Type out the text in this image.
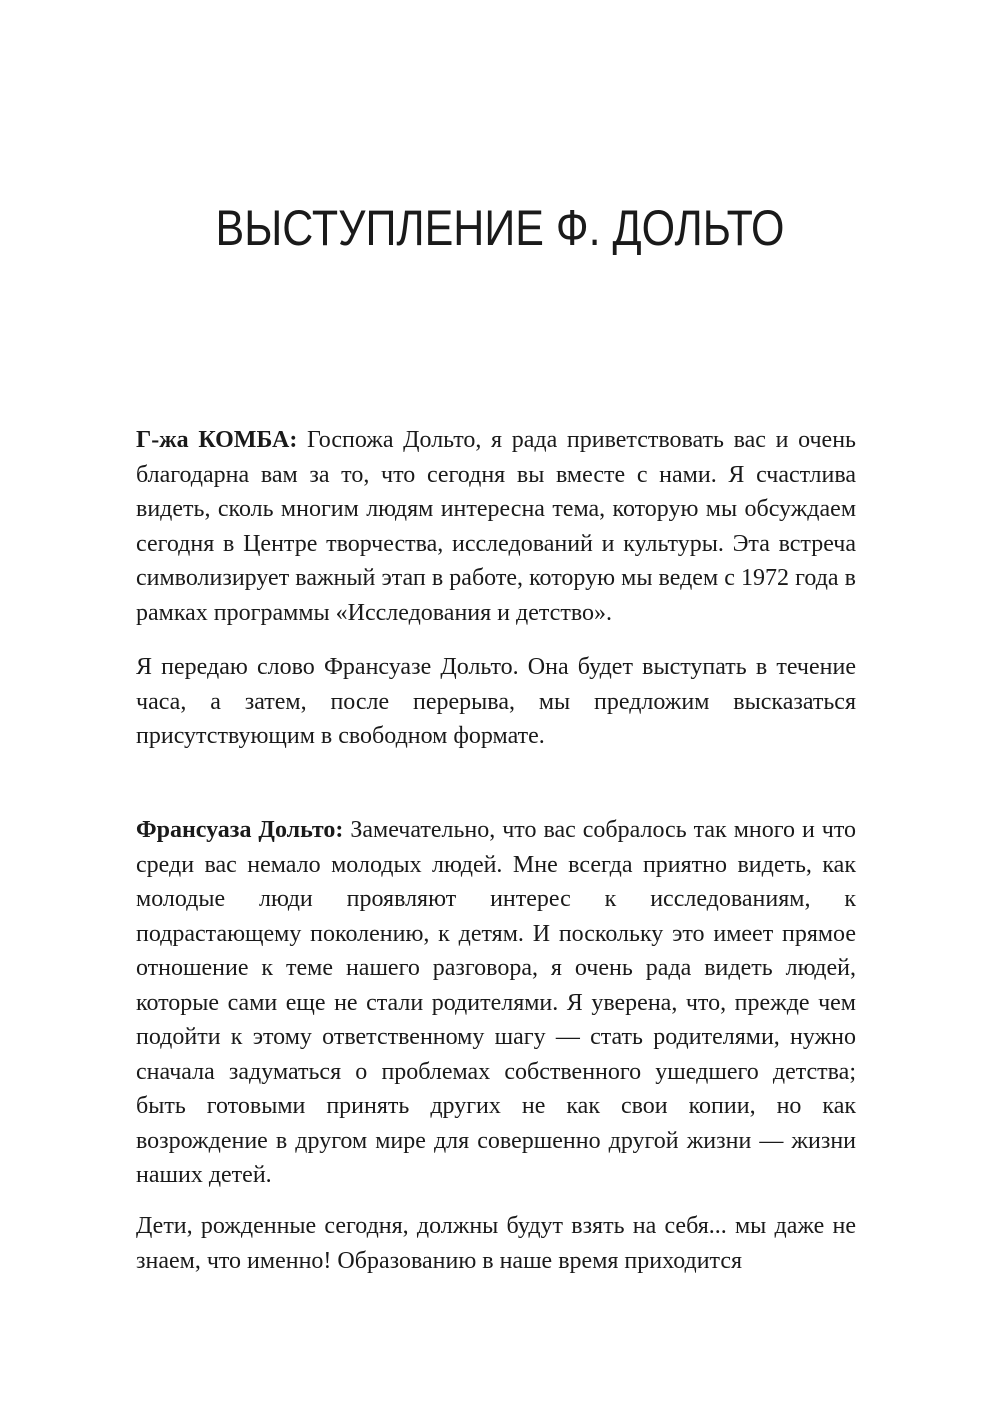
ВЫСТУПЛЕНИЕ Ф. ДОЛЬТО

Г-жа КОМБА: Госпожа Дольто, я рада приветствовать вас и очень благодарна вам за то, что сегодня вы вместе с нами. Я счастлива видеть, сколь многим людям интересна тема, которую мы обсуждаем сегодня в Центре творчества, исследований и культуры. Эта встреча символизирует важный этап в работе, которую мы ведем с 1972 года в рамках программы «Исследования и детство».

Я передаю слово Франсуазе Дольто. Она будет выступать в течение часа, а затем, после перерыва, мы предложим высказаться присутствующим в свободном формате.

Франсуаза Дольто: Замечательно, что вас собралось так много и что среди вас немало молодых людей. Мне всегда приятно видеть, как молодые люди проявляют интерес к исследованиям, к подрастающему поколению, к детям. И поскольку это имеет прямое отношение к теме нашего разговора, я очень рада видеть людей, которые сами еще не стали родителями. Я уверена, что, прежде чем подойти к этому ответственному шагу — стать родителями, нужно сначала задуматься о проблемах собственного ушедшего детства; быть готовыми принять других не как свои копии, но как возрождение в другом мире для совершенно другой жизни — жизни наших детей.

Дети, рожденные сегодня, должны будут взять на себя... мы даже не знаем, что именно! Образованию в наше время приходится
